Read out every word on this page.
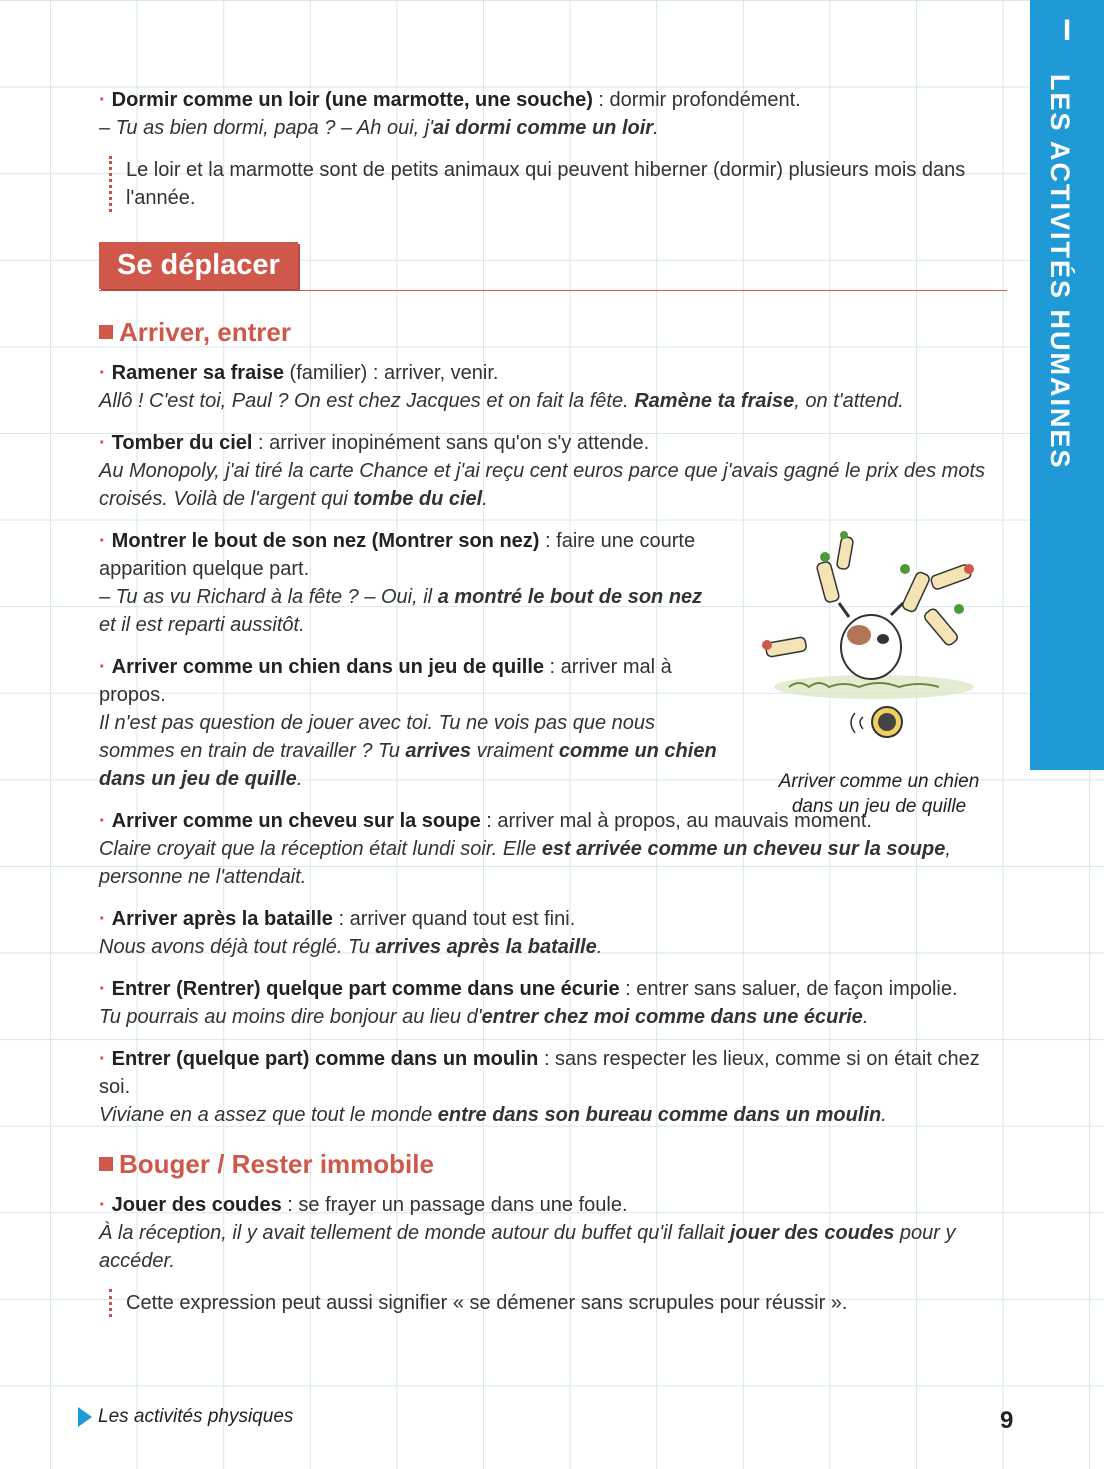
I
LES ACTIVITÉS HUMAINES

· Dormir comme un loir (une marmotte, une souche) : dormir profondément.

– Tu as bien dormi, papa ? – Ah oui, j'ai dormi comme un loir.

Le loir et la marmotte sont de petits animaux qui peuvent hiberner (dormir) plusieurs mois dans l'année.
Se déplacer
Arriver, entrer

· Ramener sa fraise (familier) : arriver, venir.

Allô ! C'est toi, Paul ? On est chez Jacques et on fait la fête. Ramène ta fraise, on t'attend.

· Tomber du ciel : arriver inopinément sans qu'on s'y attende.

Au Monopoly, j'ai tiré la carte Chance et j'ai reçu cent euros parce que j'avais gagné le prix des mots croisés. Voilà de l'argent qui tombe du ciel.

· Montrer le bout de son nez (Montrer son nez) : faire une courte apparition quelque part.

– Tu as vu Richard à la fête ? – Oui, il a montré le bout de son nez et il est reparti aussitôt.

· Arriver comme un chien dans un jeu de quille : arriver mal à propos.

Il n'est pas question de jouer avec toi. Tu ne vois pas que nous sommes en train de travailler ? Tu arrives vraiment comme un chien dans un jeu de quille.	Arriver comme un chien dans un jeu de quille

· Arriver comme un cheveu sur la soupe : arriver mal à propos, au mauvais moment.

Claire croyait que la réception était lundi soir. Elle est arrivée comme un cheveu sur la soupe, personne ne l'attendait.

· Arriver après la bataille : arriver quand tout est fini.

Nous avons déjà tout réglé. Tu arrives après la bataille.

· Entrer (Rentrer) quelque part comme dans une écurie : entrer sans saluer, de façon impolie.

Tu pourrais au moins dire bonjour au lieu d'entrer chez moi comme dans une écurie.

· Entrer (quelque part) comme dans un moulin : sans respecter les lieux, comme si on était chez soi.

Viviane en a assez que tout le monde entre dans son bureau comme dans un moulin.

Bouger / Rester immobile

· Jouer des coudes : se frayer un passage dans une foule.

À la réception, il y avait tellement de monde autour du buffet qu'il fallait jouer des coudes pour y accéder.

Cette expression peut aussi signifier « se démener sans scrupules pour réussir ».
Les activités physiques	9
